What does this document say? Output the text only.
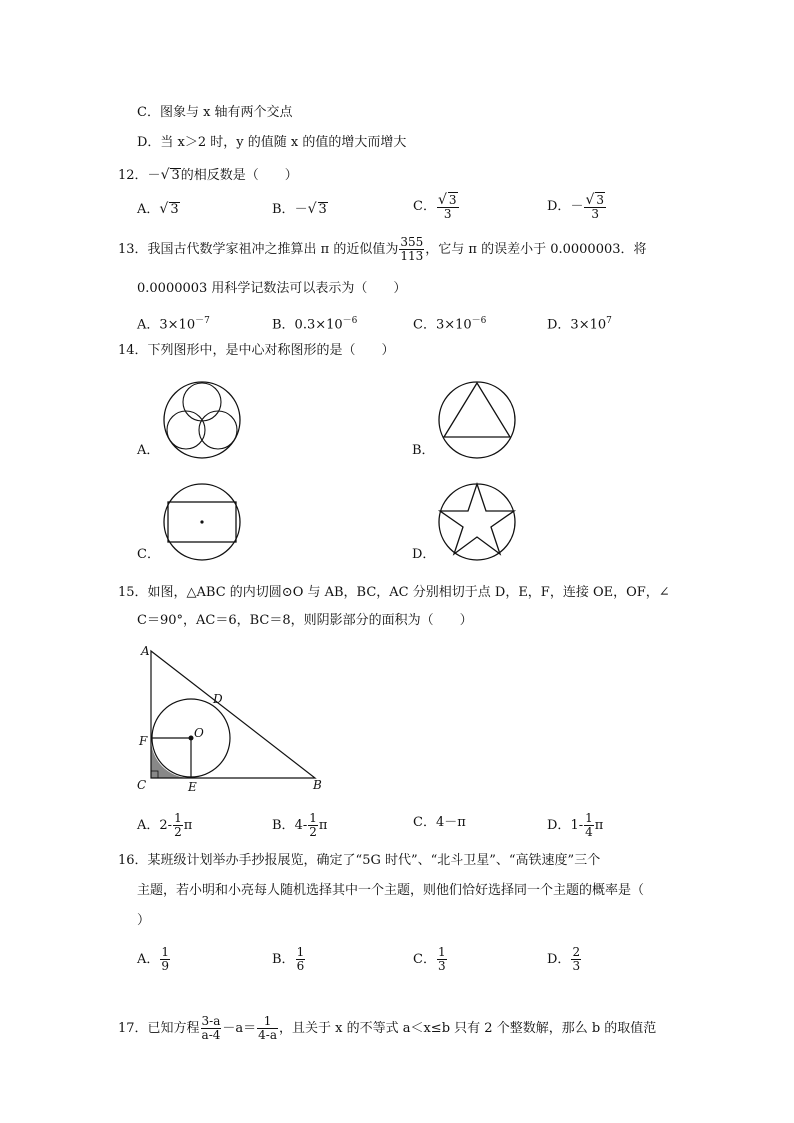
C．图象与 x 轴有两个交点
D．当 x＞2 时，y 的值随 x 的值的增大而增大
12．－√ 3的相反数是（　　）
A．√ 3	B．－√ 3	C． $\frac{√ 3}{3}$	D．－ $\frac{√ 3}{3}$
13．我国古代数学家祖冲之推算出 π 的近似值为 $\frac{355}{113}$ ，它与 π 的误差小于 0.0000003．将
0.0000003 用科学记数法可以表示为（　　）
A．$3\times 10^{-7}$	B．$0.3\times 10^{-6}$	C．$3\times 10^{-6}$	D．$3\times 10^7$
14．下列图形中，是中心对称图形的是（　　）
A．	B．
C．	D．
15．如图，△ABC 的内切圆⊙O 与 AB，BC，AC 分别相切于点 D，E，F，连接 OE，OF，∠
C＝90°，AC＝6，BC＝8，则阴影部分的面积为（　　）
A
B
C
D
E
F
O
A．$2- \frac{1}{2}$ π	B．$4- \frac{1}{2}$ π	C．4－π	D．$1- \frac{1}{4}$ π
16．某班级计划举办手抄报展览，确定了“5G 时代”、“北斗卫星”、“高铁速度”三个
主题，若小明和小亮每人随机选择其中一个主题，则他们恰好选择同一个主题的概率是（
）
A． $\frac{1}{9}$	B． $\frac{1}{6}$	C． $\frac{1}{3}$	D． $\frac{2}{3}$
17．已知方程 $\frac{3-a}{a-4} -a= \frac{1}{4-a}$ ，且关于 x 的不等式 a＜x≤b 只有 2 个整数解，那么 b 的取值范
